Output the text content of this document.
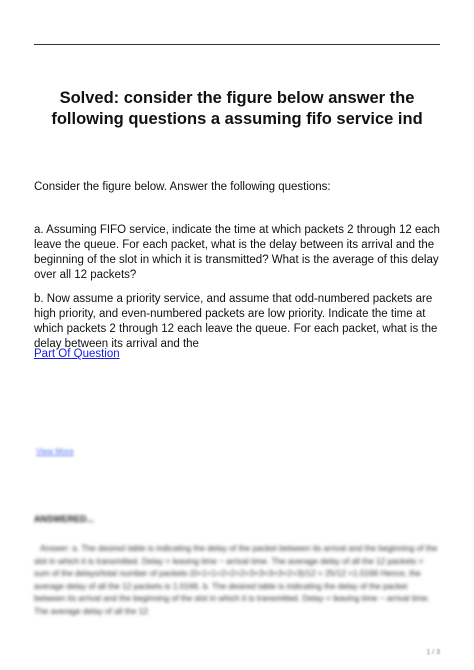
Solved: consider the figure below answer the following questions a assuming fifo service ind

Consider the figure below. Answer the following questions:

a. Assuming FIFO service, indicate the time at which packets 2 through 12 each leave the queue. For each packet, what is the delay between its arrival and the beginning of the slot in which it is transmitted? What is the average of this delay over all 12 packets?

b. Now assume a priority service, and assume that odd-numbered packets are high priority, and even-numbered packets are low priority. Indicate the time at which packets 2 through 12 each leave the queue. For each packet, what is the delay between its arrival and the

Part Of Question
View More

ANSWERED...

Answer: a. The desired table is indicating the delay of the packet between its arrival and the beginning of the slot in which it is transmitted. Delay = leaving time − arrival time. The average delay of all the 12 packets = sum of the delays/total number of packets (0+1+1+2+2+2+3+3+3+3+2+3)/12 = 25/12 =1.0166 Hence, the average delay of all the 12 packets is 1.0166. b. The desired table is indicating the delay of the packet between its arrival and the beginning of the slot in which it is transmitted. Delay = leaving time − arrival time. The average delay of all the 12

1 / 3
